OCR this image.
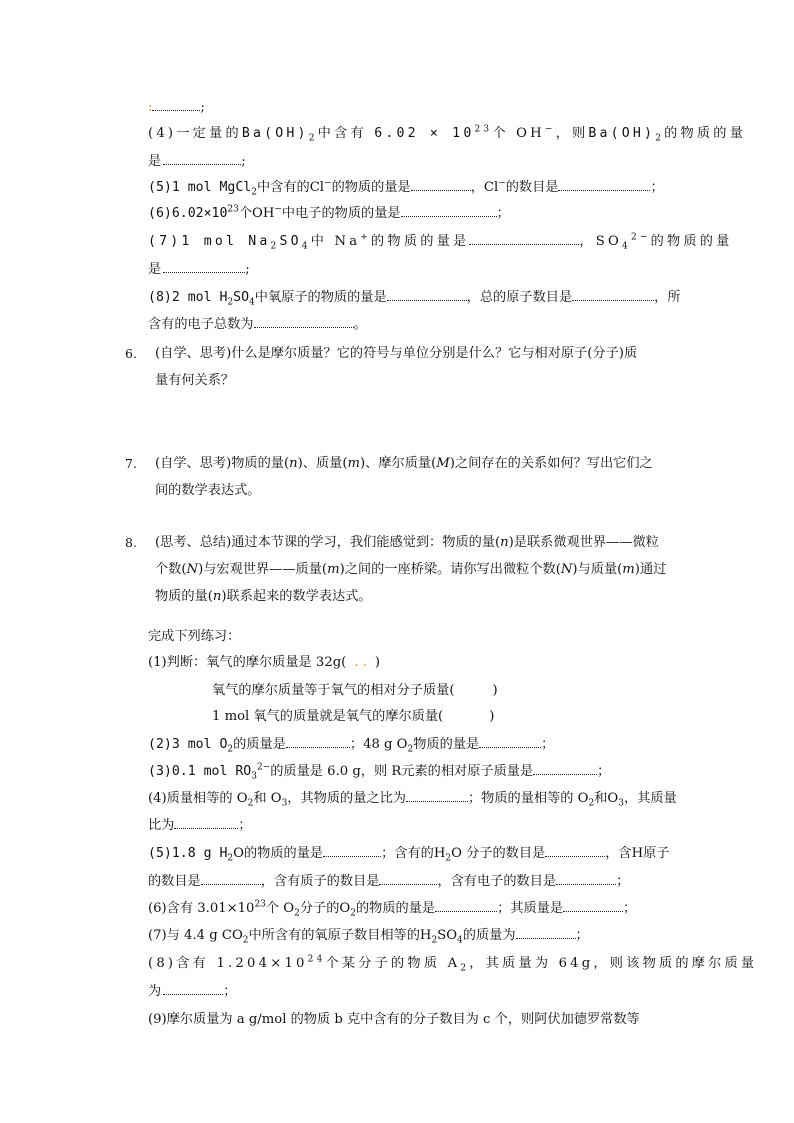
:	;
(4)一定量的$Ba(OH)_2$中含有 $6.02 \times 10^{23}$个 OH−，则$Ba(OH)_2$的物质的量
是	;
(5)1 mol MgCl$_2$中含有的Cl−的物质的量是	，Cl−的数目是	；
$(6)6.02\times 10^{23}$个OH−中电子的物质的量是	；
(7)1 mol $Na_2SO_4$中 Na+的物质的量是	，$SO_4^{2-}$的物质的量
是	;
(8)2 mol $H_2SO_4$中氧原子的物质的量是	，总的原子数目是	，所
含有的电子总数为	。
6. (自学、思考)什么是摩尔质量？它的符号与单位分别是什么？它与相对原子(分子)质
量有何关系？
7. (自学、思考)物质的量(n)、质量(m)、摩尔质量(M)之间存在的关系如何？写出它们之
间的数学表达式。
8. (思考、总结)通过本节课的学习，我们能感觉到：物质的量(n)是联系微观世界——微粒
个数(N)与宏观世界——质量(m)之间的一座桥梁。请你写出微粒个数(N)与质量(m)通过
物质的量(n)联系起来的数学表达式。
完成下列练习：
(1)判断：氧气的摩尔质量是 32g( . . )
氧气的摩尔质量等于氧气的相对分子质量(	)
1 mol 氧气的质量就是氧气的摩尔质量(	)
(2)3 mol $O_2$的质量是	；48 g $O_2$物质的量是	；
(3)0.1 mol $RO_3^{2-}$的质量是 6.0 g，则 R元素的相对原子质量是	；
(4)质量相等的 $O_2$和 $O_3$，其物质的量之比为	；物质的量相等的 $O_2$和$O_3$，其质量
比为	；
(5)1.8 g $H_2O$的物质的量是	；含有的$H_2O$ 分子的数目是	，含H原子
的数目是	，含有质子的数目是	，含有电子的数目是	；
(6)含有 $3.01\times 10^{23}$个 $O_2$分子的$O_2$的物质的量是	；其质量是	；
(7)与 4.4 g $CO_2$中所含有的氧原子数目相等的$H_2SO_4$的质量为	；
(8)含有 $1.204\times 10^{24}$个某分子的物质 $A_2$，其质量为 64g，则该物质的摩尔质量
为	；
(9)摩尔质量为 a g/mol 的物质 b 克中含有的分子数目为 c 个，则阿伏加德罗常数等
